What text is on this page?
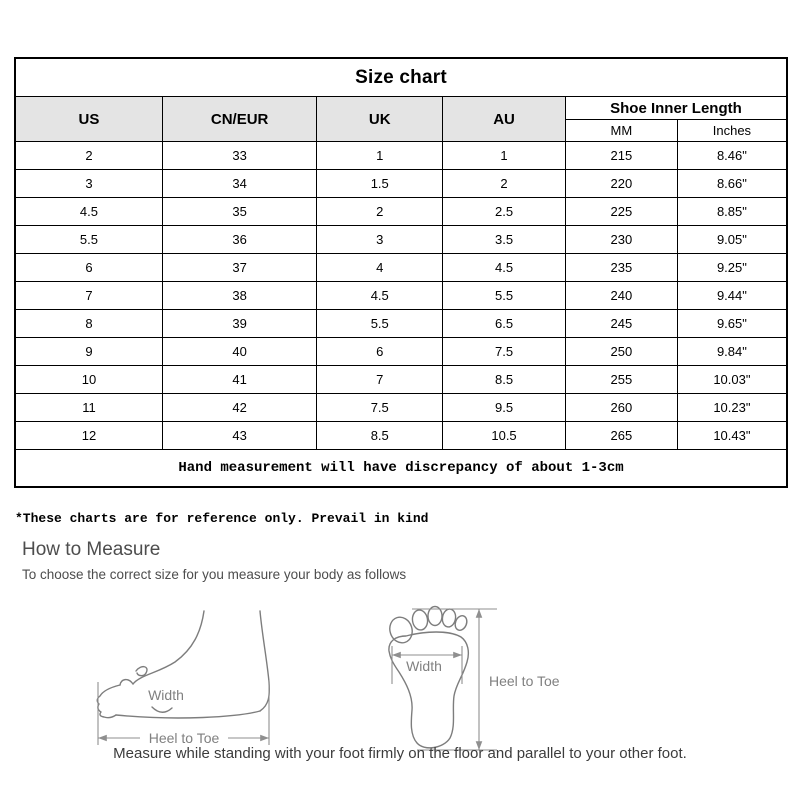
Size chart					
US	CN/EUR	UK	AU	Shoe Inner Length	
				MM	Inches
2	33	1	1	215	8.46"
3	34	1.5	2	220	8.66"
4.5	35	2	2.5	225	8.85"
5.5	36	3	3.5	230	9.05"
6	37	4	4.5	235	9.25"
7	38	4.5	5.5	240	9.44"
8	39	5.5	6.5	245	9.65"
9	40	6	7.5	250	9.84"
10	41	7	8.5	255	10.03"
11	42	7.5	9.5	260	10.23"
12	43	8.5	10.5	265	10.43"
Hand measurement will have discrepancy of about 1-3cm					
*These charts are for reference only. Prevail in kind
How to Measure
To choose the correct size for you measure your body as follows
Width
Heel to Toe
Width
Heel to Toe
Measure while standing with your foot firmly on the floor and parallel to your other foot.
